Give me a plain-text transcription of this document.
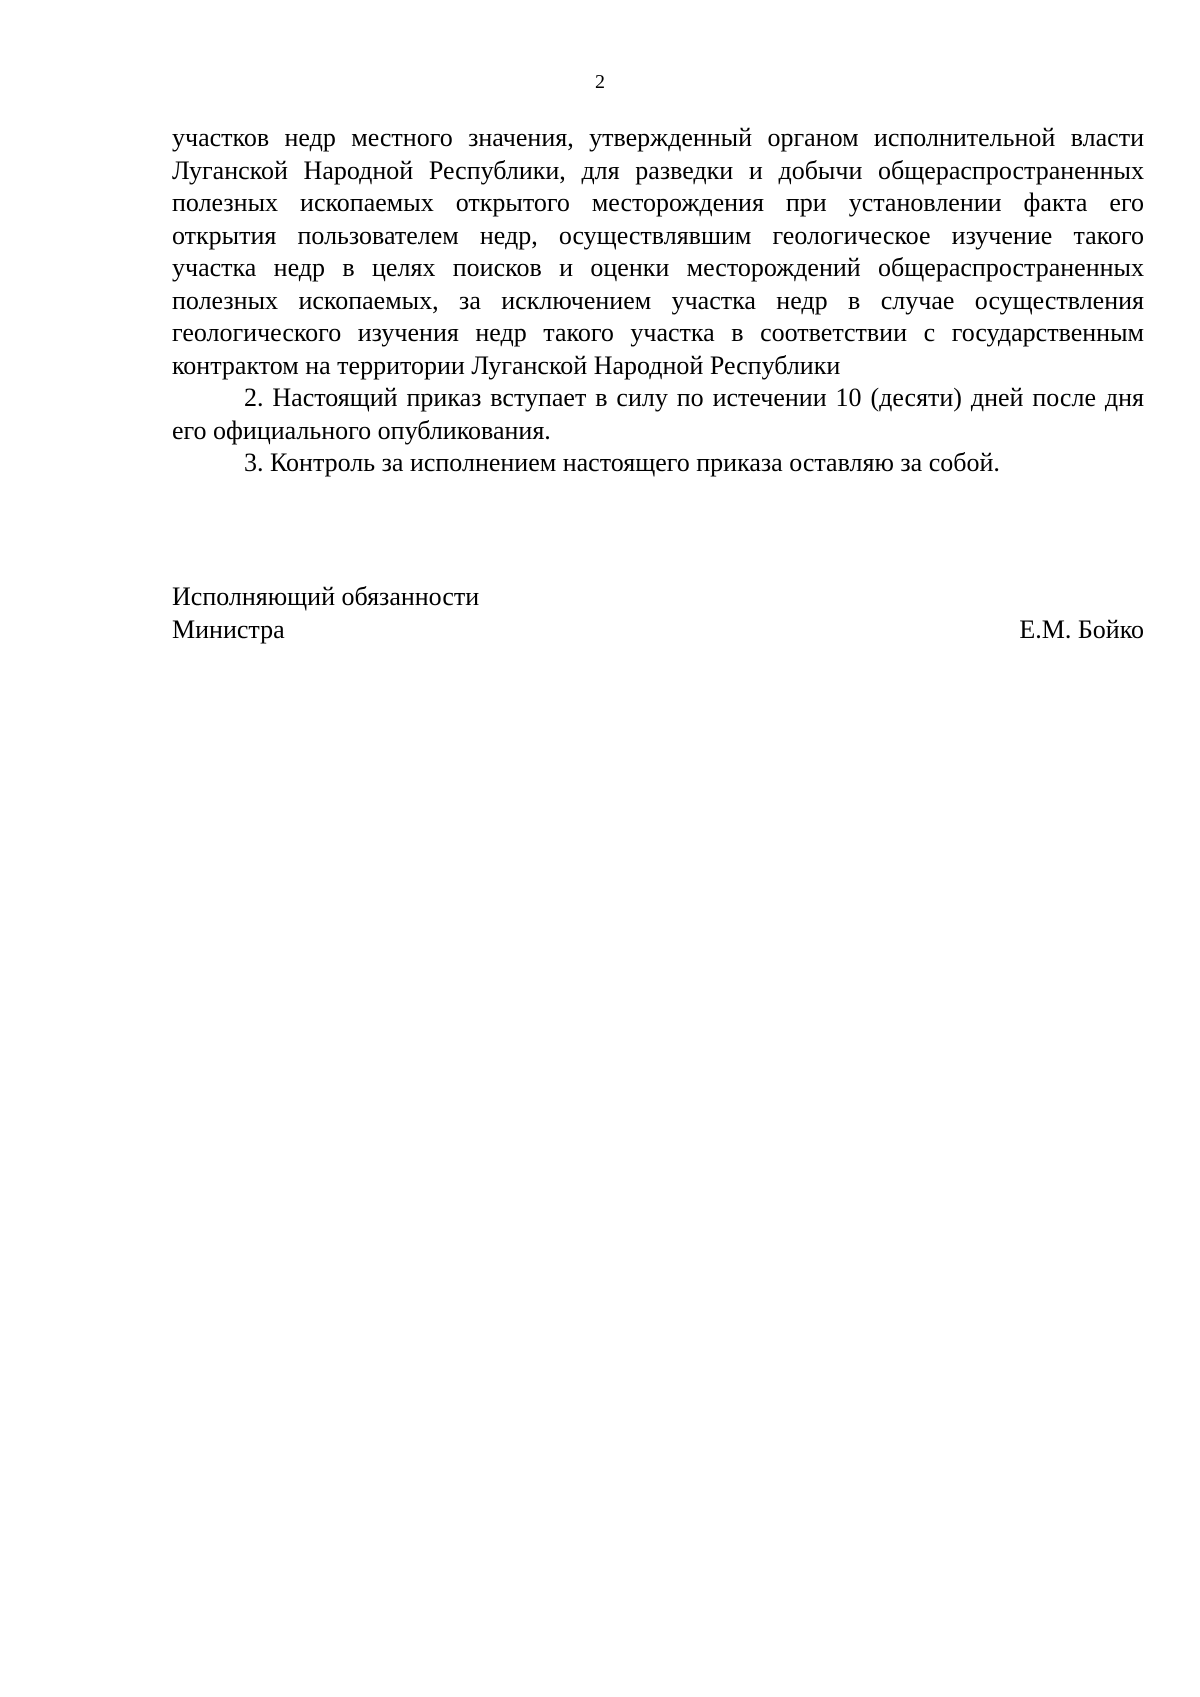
2

участков недр местного значения, утвержденный органом исполнительной власти Луганской Народной Республики, для разведки и добычи общераспространенных полезных ископаемых открытого месторождения при установлении факта его открытия пользователем недр, осуществлявшим геологическое изучение такого участка недр в целях поисков и оценки месторождений общераспространенных полезных ископаемых, за исключением участка недр в случае осуществления геологического изучения недр такого участка в соответствии с государственным контрактом на территории Луганской Народной Республики

2. Настоящий приказ вступает в силу по истечении 10 (десяти) дней после дня его официального опубликования.

3. Контроль за исполнением настоящего приказа оставляю за собой.

Исполняющий обязанности
Министра	Е.М. Бойко
